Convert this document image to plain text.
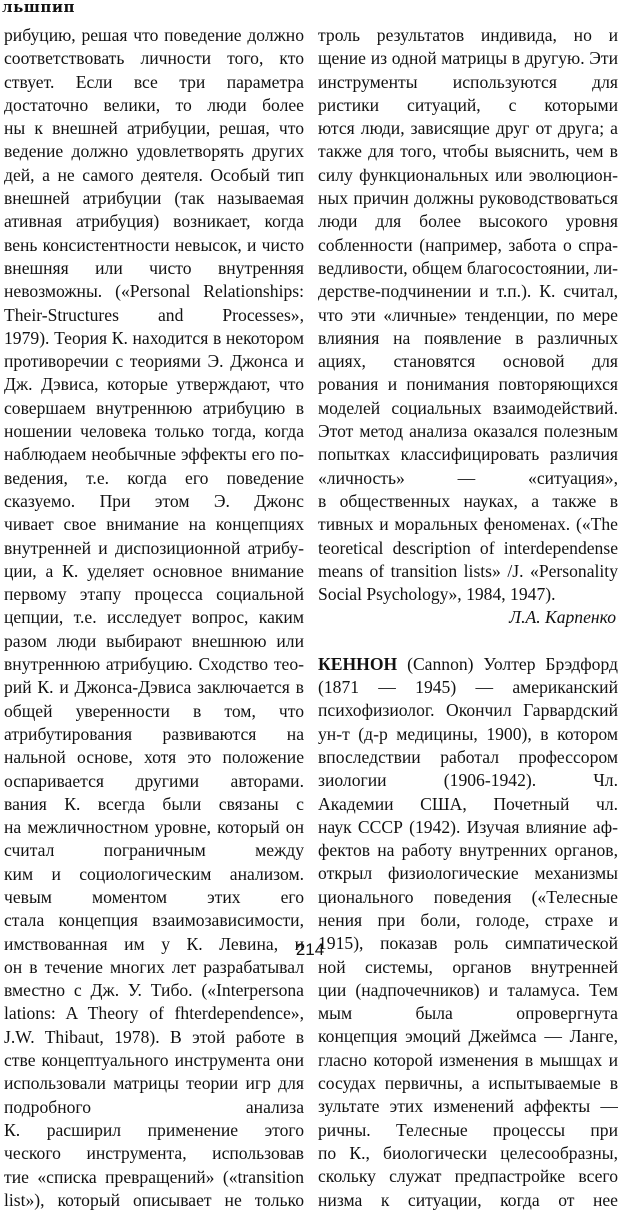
льшпип
рибуцию, решая что поведение должно
соответствовать личности того, кто
ствует. Если все три параметра
достаточно велики, то люди более
ны к внешней атрибуции, решая, что
ведение должно удовлетворять других
дей, а не самого деятеля. Особый тип
внешней атрибуции (так называемая
ативная атрибуция) возникает, когда
вень консистентности невысок, и чисто
внешняя или чисто внутренняя
невозможны. («Personal Relationships:
Their-Structures and Processes»,
1979). Теория К. находится в некотором
противоречии с теориями Э. Джонса и
Дж. Дэвиса, которые утверждают, что
совершаем внутреннюю атрибуцию в
ношении человека только тогда, когда
наблюдаем необычные эффекты его по-
ведения, т.е. когда его поведение
сказуемо. При этом Э. Джонс
чивает свое внимание на концепциях
внутренней и диспозиционной атрибу-
ции, а К. уделяет основное внимание
первому этапу процесса социальной
цепции, т.е. исследует вопрос, каким
разом люди выбирают внешнюю или
внутреннюю атрибуцию. Сходство тео-
рий К. и Джонса-Дэвиса заключается в
общей уверенности в том, что
атрибутирования развиваются на
нальной основе, хотя это положение
оспаривается другими авторами.
вания К. всегда были связаны с
на межличностном уровне, который он
считал пограничным между
ким и социологическим анализом.
чевым моментом этих его
стала концепция взаимозависимости,
имствованная им у К. Левина, и
он в течение многих лет разрабатывал
вместно с Дж. У. Тибо. («Interpersona
lations: A Theory of fhterdependence»,
J.W. Thibaut, 1978). В этой работе в
стве концептуального инструмента они
использовали матрицы теории игр для
подробного анализа
К. расширил применение этого
ческого инструмента, использовав
тие «списка превращений» («transition
list»), который описывает не только
троль результатов индивида, но и
щение из одной матрицы в другую. Эти
инструменты используются для
ристики ситуаций, с которыми
ются люди, зависящие друг от друга; а
также для того, чтобы выяснить, чем в
силу функциональных или эволюцион-
ных причин должны руководствоваться
люди для более высокого уровня
собленности (например, забота о спра-
ведливости, общем благосостоянии, ли-
дерстве-подчинении и т.п.). К. считал,
что эти «личные» тенденции, по мере
влияния на появление в различных
ациях, становятся основой для
рования и понимания повторяющихся
моделей социальных взаимодействий.
Этот метод анализа оказался полезным
попытках классифицировать различия
«личность» — «ситуация»,
в общественных науках, а также в
тивных и моральных феноменах. («The
teoretical description of interdependense
means of transition lists» /J. «Personality
Social Psychology», 1984, 1947).
Л.А. Карпенко
КЕННОН (Cannon) Уолтер Брэдфорд
(1871 — 1945) — американский
психофизиолог. Окончил Гарвардский
ун-т (д-р медицины, 1900), в котором
впоследствии работал профессором
зиологии (1906-1942). Чл.
Академии США, Почетный чл.
наук СССР (1942). Изучая влияние аф-
фектов на работу внутренних органов,
открыл физиологические механизмы
ционального поведения («Телесные
нения при боли, голоде, страхе и
1915), показав роль симпатической
ной системы, органов внутренней
ции (надпочечников) и таламуса. Тем
мым была опровергнута
концепция эмоций Джеймса — Ланге,
гласно которой изменения в мышцах и
сосудах первичны, а испытываемые в
зультате этих изменений аффекты —
ричны. Телесные процессы при
по К., биологически целесообразны,
скольку служат предпастройке всего
низма к ситуации, когда от нее
214
